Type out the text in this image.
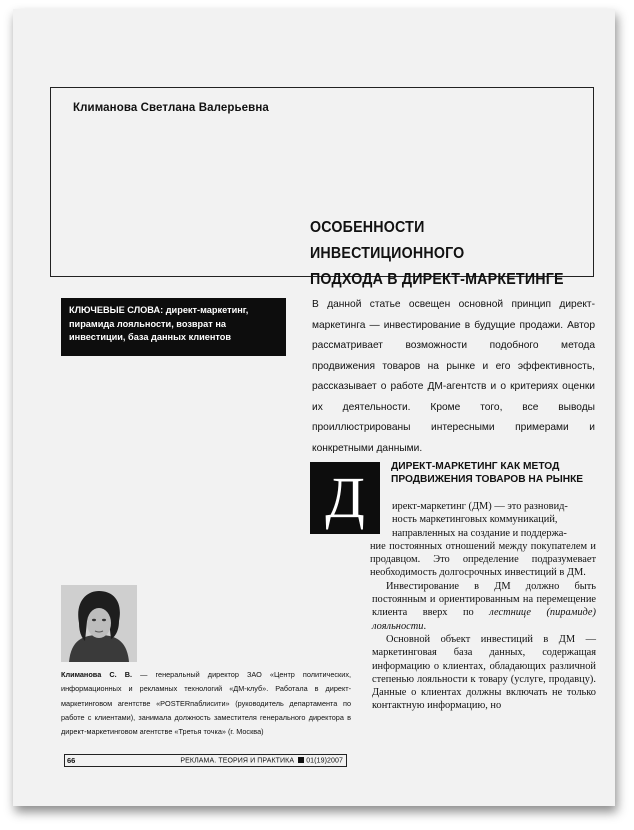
Климанова Светлана Валерьевна
ОСОБЕННОСТИ ИНВЕСТИЦИОННОГО
ПОДХОДА В ДИРЕКТ-МАРКЕТИНГЕ
КЛЮЧЕВЫЕ СЛОВА: директ-маркетинг, пирамида лояльности, возврат на инвестиции, база данных клиентов

В данной статье освещен основной принцип директ-маркетинга — инвестирование в будущие продажи. Автор рассматривает возможности подобного метода продвижения товаров на рынке и его эффективность, рассказывает о работе ДМ-агентств и о критериях оценки их деятельности. Кроме того, все выводы проиллюстрированы интересными примерами и конкретными данными.

Д	ДИРЕКТ-МАРКЕТИНГ КАК МЕТОД
ПРОДВИЖЕНИЯ ТОВАРОВ НА РЫНКЕ

ирект‑маркетинг (ДМ) — это разновид-

ность маркетинговых коммуникаций,

направленных на создание и поддержа-

ние постоянных отношений между покупателем и продавцом. Это определение подразумевает необходимость долгосрочных инвестиций в ДМ.

Инвестирование в ДМ должно быть постоянным и ориентированным на перемещение клиента вверх по лестнице (пирамиде) лояльности.

Основной объект инвестиций в ДМ — маркетинговая база данных, содержащая информацию о клиентах, обладающих различной степенью лояльности к товару (услуге, продавцу). Данные о клиентах должны включать не только контактную информацию, но

Климанова С. В. — генеральный директор ЗАО «Центр политических, информационных и рекламных технологий «ДМ-клуб». Работала в директ-маркетинговом агентстве «POSTERпаблисити» (руководитель департамента по работе с клиентами), занимала должность заместителя генерального директора в директ-маркетинговом агентстве «Третья точка» (г. Москва)

66	РЕКЛАМА. ТЕОРИЯ И ПРАКТИКА 01(19)2007
